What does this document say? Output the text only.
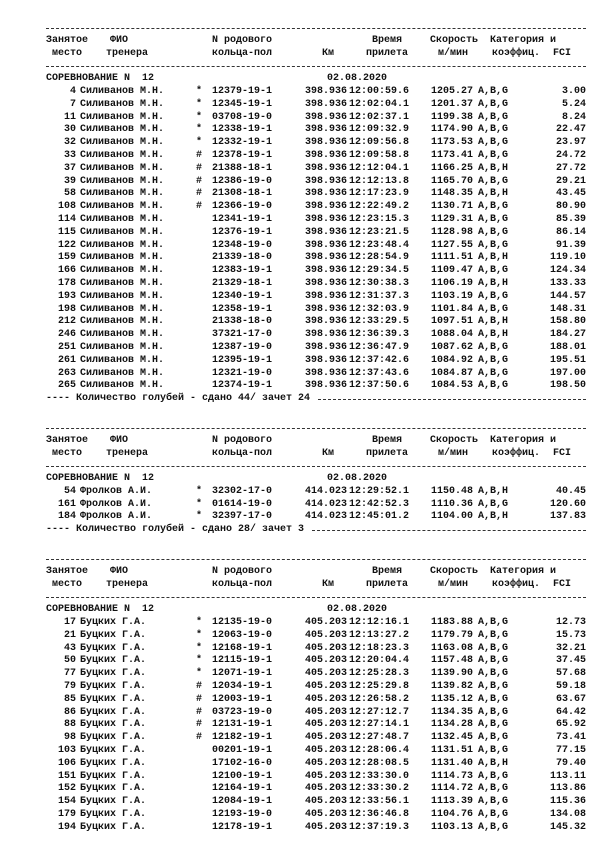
Занятое ФИО	N родового	Время	Скорость Категория и
место тренера	кольца-пол	Км	прилета	м/мин коэффиц. FCI
СОРЕВНОВАНИЕ N  12	02.08.2020
4 Силиванов М.Н.	* 12379-19-1	398.936 12:00:59.6 1205.27 A,B,G	3.00
7 Силиванов М.Н.	* 12345-19-1	398.936 12:02:04.1 1201.37 A,B,G	5.24
11 Силиванов М.Н.	* 03708-19-0	398.936 12:02:37.1 1199.38 A,B,G	8.24
30 Силиванов М.Н.	* 12338-19-1	398.936 12:09:32.9 1174.90 A,B,G	22.47
32 Силиванов М.Н.	* 12332-19-1	398.936 12:09:56.8 1173.53 A,B,G	23.97
33 Силиванов М.Н.	# 12378-19-1	398.936 12:09:58.8 1173.41 A,B,G	24.72
37 Силиванов М.Н.	# 21388-18-1	398.936 12:12:04.1 1166.25 A,B,H	27.72
39 Силиванов М.Н.	# 12386-19-0	398.936 12:12:13.8 1165.70 A,B,G	29.21
58 Силиванов М.Н.	# 21308-18-1	398.936 12:17:23.9 1148.35 A,B,H	43.45
108 Силиванов М.Н.	# 12366-19-0	398.936 12:22:49.2 1130.71 A,B,G	80.90
114 Силиванов М.Н.	12341-19-1	398.936 12:23:15.3 1129.31 A,B,G	85.39
115 Силиванов М.Н.	12376-19-1	398.936 12:23:21.5 1128.98 A,B,G	86.14
122 Силиванов М.Н.	12348-19-0	398.936 12:23:48.4 1127.55 A,B,G	91.39
159 Силиванов М.Н.	21339-18-0	398.936 12:28:54.9 1111.51 A,B,H	119.10
166 Силиванов М.Н.	12383-19-1	398.936 12:29:34.5 1109.47 A,B,G	124.34
178 Силиванов М.Н.	21329-18-1	398.936 12:30:38.3 1106.19 A,B,H	133.33
193 Силиванов М.Н.	12340-19-1	398.936 12:31:37.3 1103.19 A,B,G	144.57
198 Силиванов М.Н.	12358-19-1	398.936 12:32:03.9 1101.84 A,B,G	148.31
212 Силиванов М.Н.	21338-18-0	398.936 12:33:29.5 1097.51 A,B,H	158.80
246 Силиванов М.Н.	37321-17-0	398.936 12:36:39.3 1088.04 A,B,H	184.27
251 Силиванов М.Н.	12387-19-0	398.936 12:36:47.9 1087.62 A,B,G	188.01
261 Силиванов М.Н.	12395-19-1	398.936 12:37:42.6 1084.92 A,B,G	195.51
263 Силиванов М.Н.	12321-19-0	398.936 12:37:43.6 1084.87 A,B,G	197.00
265 Силиванов М.Н.	12374-19-1	398.936 12:37:50.6 1084.53 A,B,G	198.50
---- Количество голубей - сдано 44/ зачет 24
Занятое ФИО	N родового	Время	Скорость Категория и
место тренера	кольца-пол	Км	прилета	м/мин коэффиц. FCI
СОРЕВНОВАНИЕ N  12	02.08.2020
54 Фролков А.И.	* 32302-17-0	414.023 12:29:52.1 1150.48 A,B,H	40.45
161 Фролков А.И.	* 01614-19-0	414.023 12:42:52.3 1110.36 A,B,G	120.60
184 Фролков А.И.	* 32397-17-0	414.023 12:45:01.2 1104.00 A,B,H	137.83
---- Количество голубей - сдано 28/ зачет 3
Занятое ФИО	N родового	Время	Скорость Категория и
место тренера	кольца-пол	Км	прилета	м/мин коэффиц. FCI
СОРЕВНОВАНИЕ N  12	02.08.2020
17 Буцких Г.А.	* 12135-19-0	405.203 12:12:16.1 1183.88 A,B,G	12.73
21 Буцких Г.А.	* 12063-19-0	405.203 12:13:27.2 1179.79 A,B,G	15.73
43 Буцких Г.А.	* 12168-19-1	405.203 12:18:23.3 1163.08 A,B,G	32.21
50 Буцких Г.А.	* 12115-19-1	405.203 12:20:04.4 1157.48 A,B,G	37.45
77 Буцких Г.А.	* 12071-19-1	405.203 12:25:28.3 1139.90 A,B,G	57.68
79 Буцких Г.А.	# 12034-19-1	405.203 12:25:29.8 1139.82 A,B,G	59.18
85 Буцких Г.А.	# 12003-19-1	405.203 12:26:58.2 1135.12 A,B,G	63.67
86 Буцких Г.А.	# 03723-19-0	405.203 12:27:12.7 1134.35 A,B,G	64.42
88 Буцких Г.А.	# 12131-19-1	405.203 12:27:14.1 1134.28 A,B,G	65.92
98 Буцких Г.А.	# 12182-19-1	405.203 12:27:48.7 1132.45 A,B,G	73.41
103 Буцких Г.А.	00201-19-1	405.203 12:28:06.4 1131.51 A,B,G	77.15
106 Буцких Г.А.	17102-16-0	405.203 12:28:08.5 1131.40 A,B,H	79.40
151 Буцких Г.А.	12100-19-1	405.203 12:33:30.0 1114.73 A,B,G	113.11
152 Буцких Г.А.	12164-19-1	405.203 12:33:30.2 1114.72 A,B,G	113.86
154 Буцких Г.А.	12084-19-1	405.203 12:33:56.1 1113.39 A,B,G	115.36
179 Буцких Г.А.	12193-19-0	405.203 12:36:46.8 1104.76 A,B,G	134.08
194 Буцких Г.А.	12178-19-1	405.203 12:37:19.3 1103.13 A,B,G	145.32
